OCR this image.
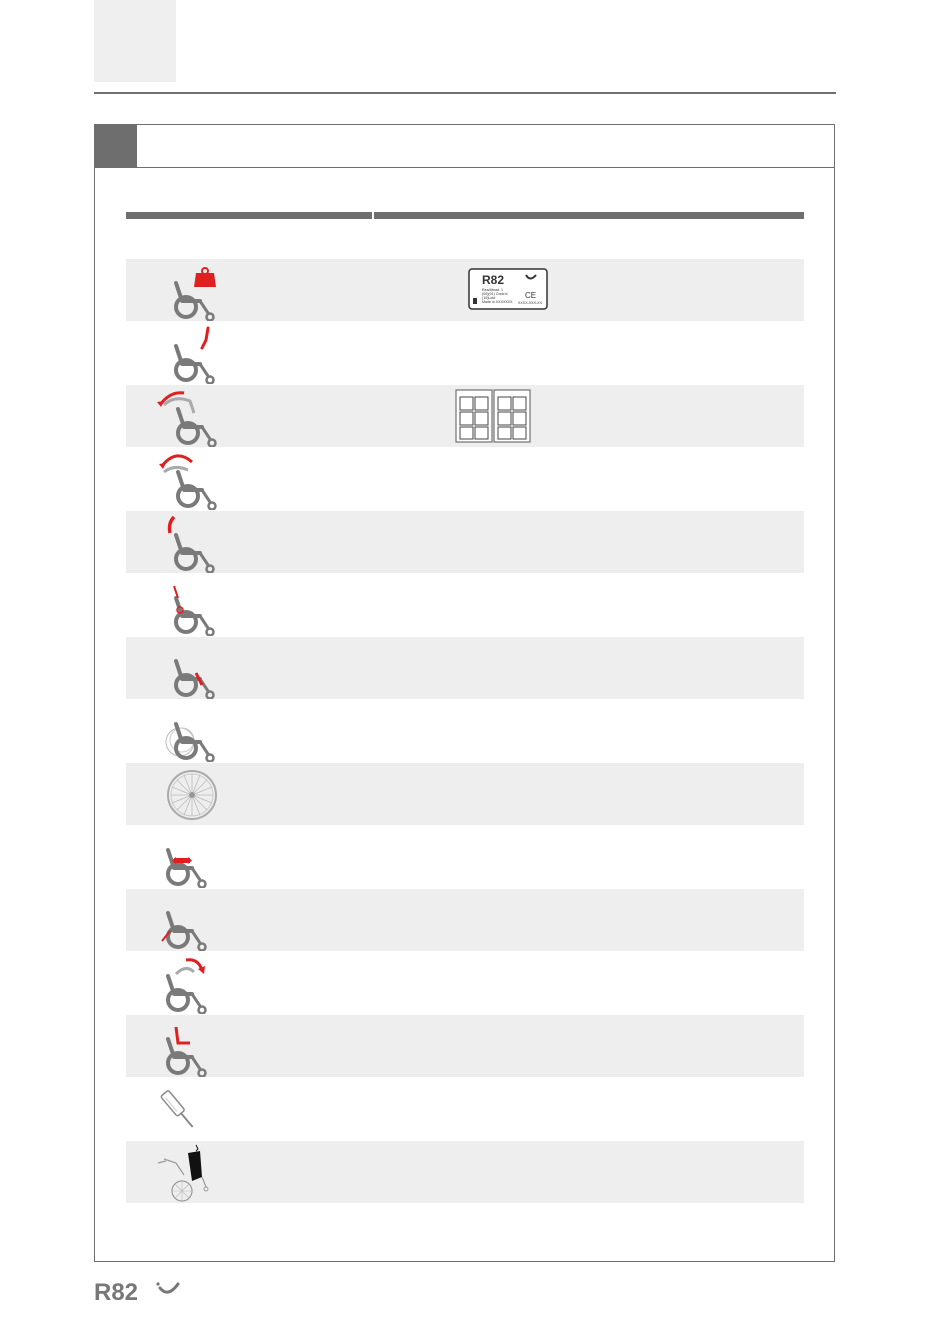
R82
Rea/Afnad. 1
(00)(01) Control
(10)Lot#
Made in XXXXXXX
CE
XXXX-XXX-XX
R82
